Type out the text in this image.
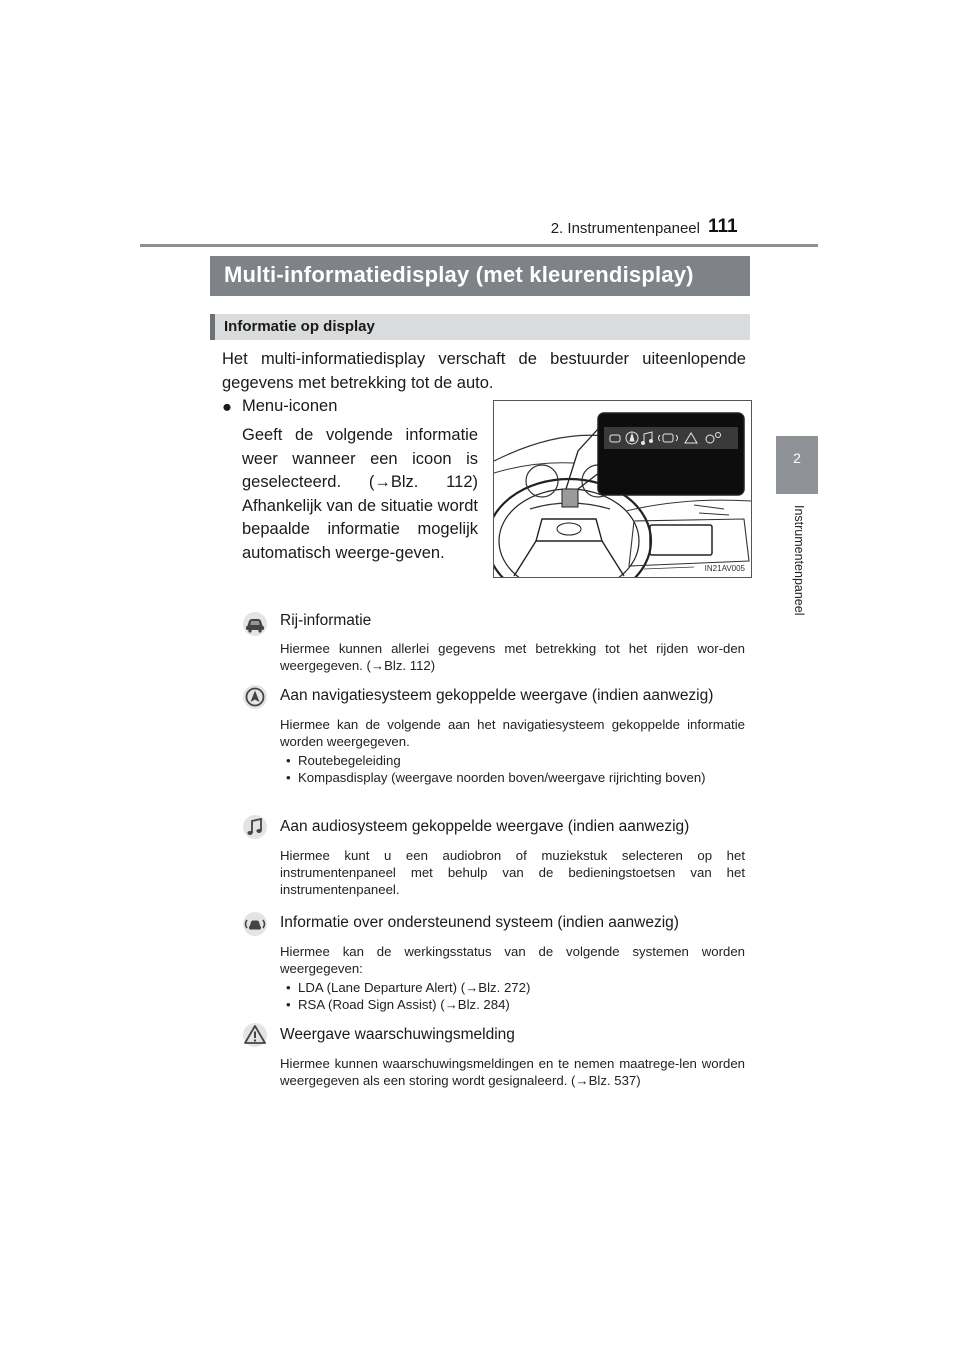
2. Instrumentenpaneel 111
2
Instrumentenpaneel
Multi-informatiedisplay (met kleurendisplay)
Informatie op display
Het multi-informatiedisplay verschaft de bestuurder uiteenlopende gegevens met betrekking tot de auto.
● Menu-iconen
Geeft de volgende informatie weer wanneer een icoon is geselecteerd. (→Blz. 112) Afhankelijk van de situatie wordt bepaalde informatie mogelijk automatisch weerge-geven.
IN21AV005
Rij-informatie
Hiermee kunnen allerlei gegevens met betrekking tot het rijden wor-den weergegeven. (→Blz. 112)
Aan navigatiesysteem gekoppelde weergave (indien aanwezig)
Hiermee kan de volgende aan het navigatiesysteem gekoppelde informatie worden weergegeven.
• Routebegeleiding
• Kompasdisplay (weergave noorden boven/weergave rijrichting boven)
Aan audiosysteem gekoppelde weergave (indien aanwezig)
Hiermee kunt u een audiobron of muziekstuk selecteren op het instrumentenpaneel met behulp van de bedieningstoetsen van het instrumentenpaneel.
Informatie over ondersteunend systeem (indien aanwezig)
Hiermee kan de werkingsstatus van de volgende systemen worden weergegeven:
• LDA (Lane Departure Alert) (→Blz. 272)
• RSA (Road Sign Assist) (→Blz. 284)
Weergave waarschuwingsmelding
Hiermee kunnen waarschuwingsmeldingen en te nemen maatrege-len worden weergegeven als een storing wordt gesignaleerd. (→Blz. 537)
